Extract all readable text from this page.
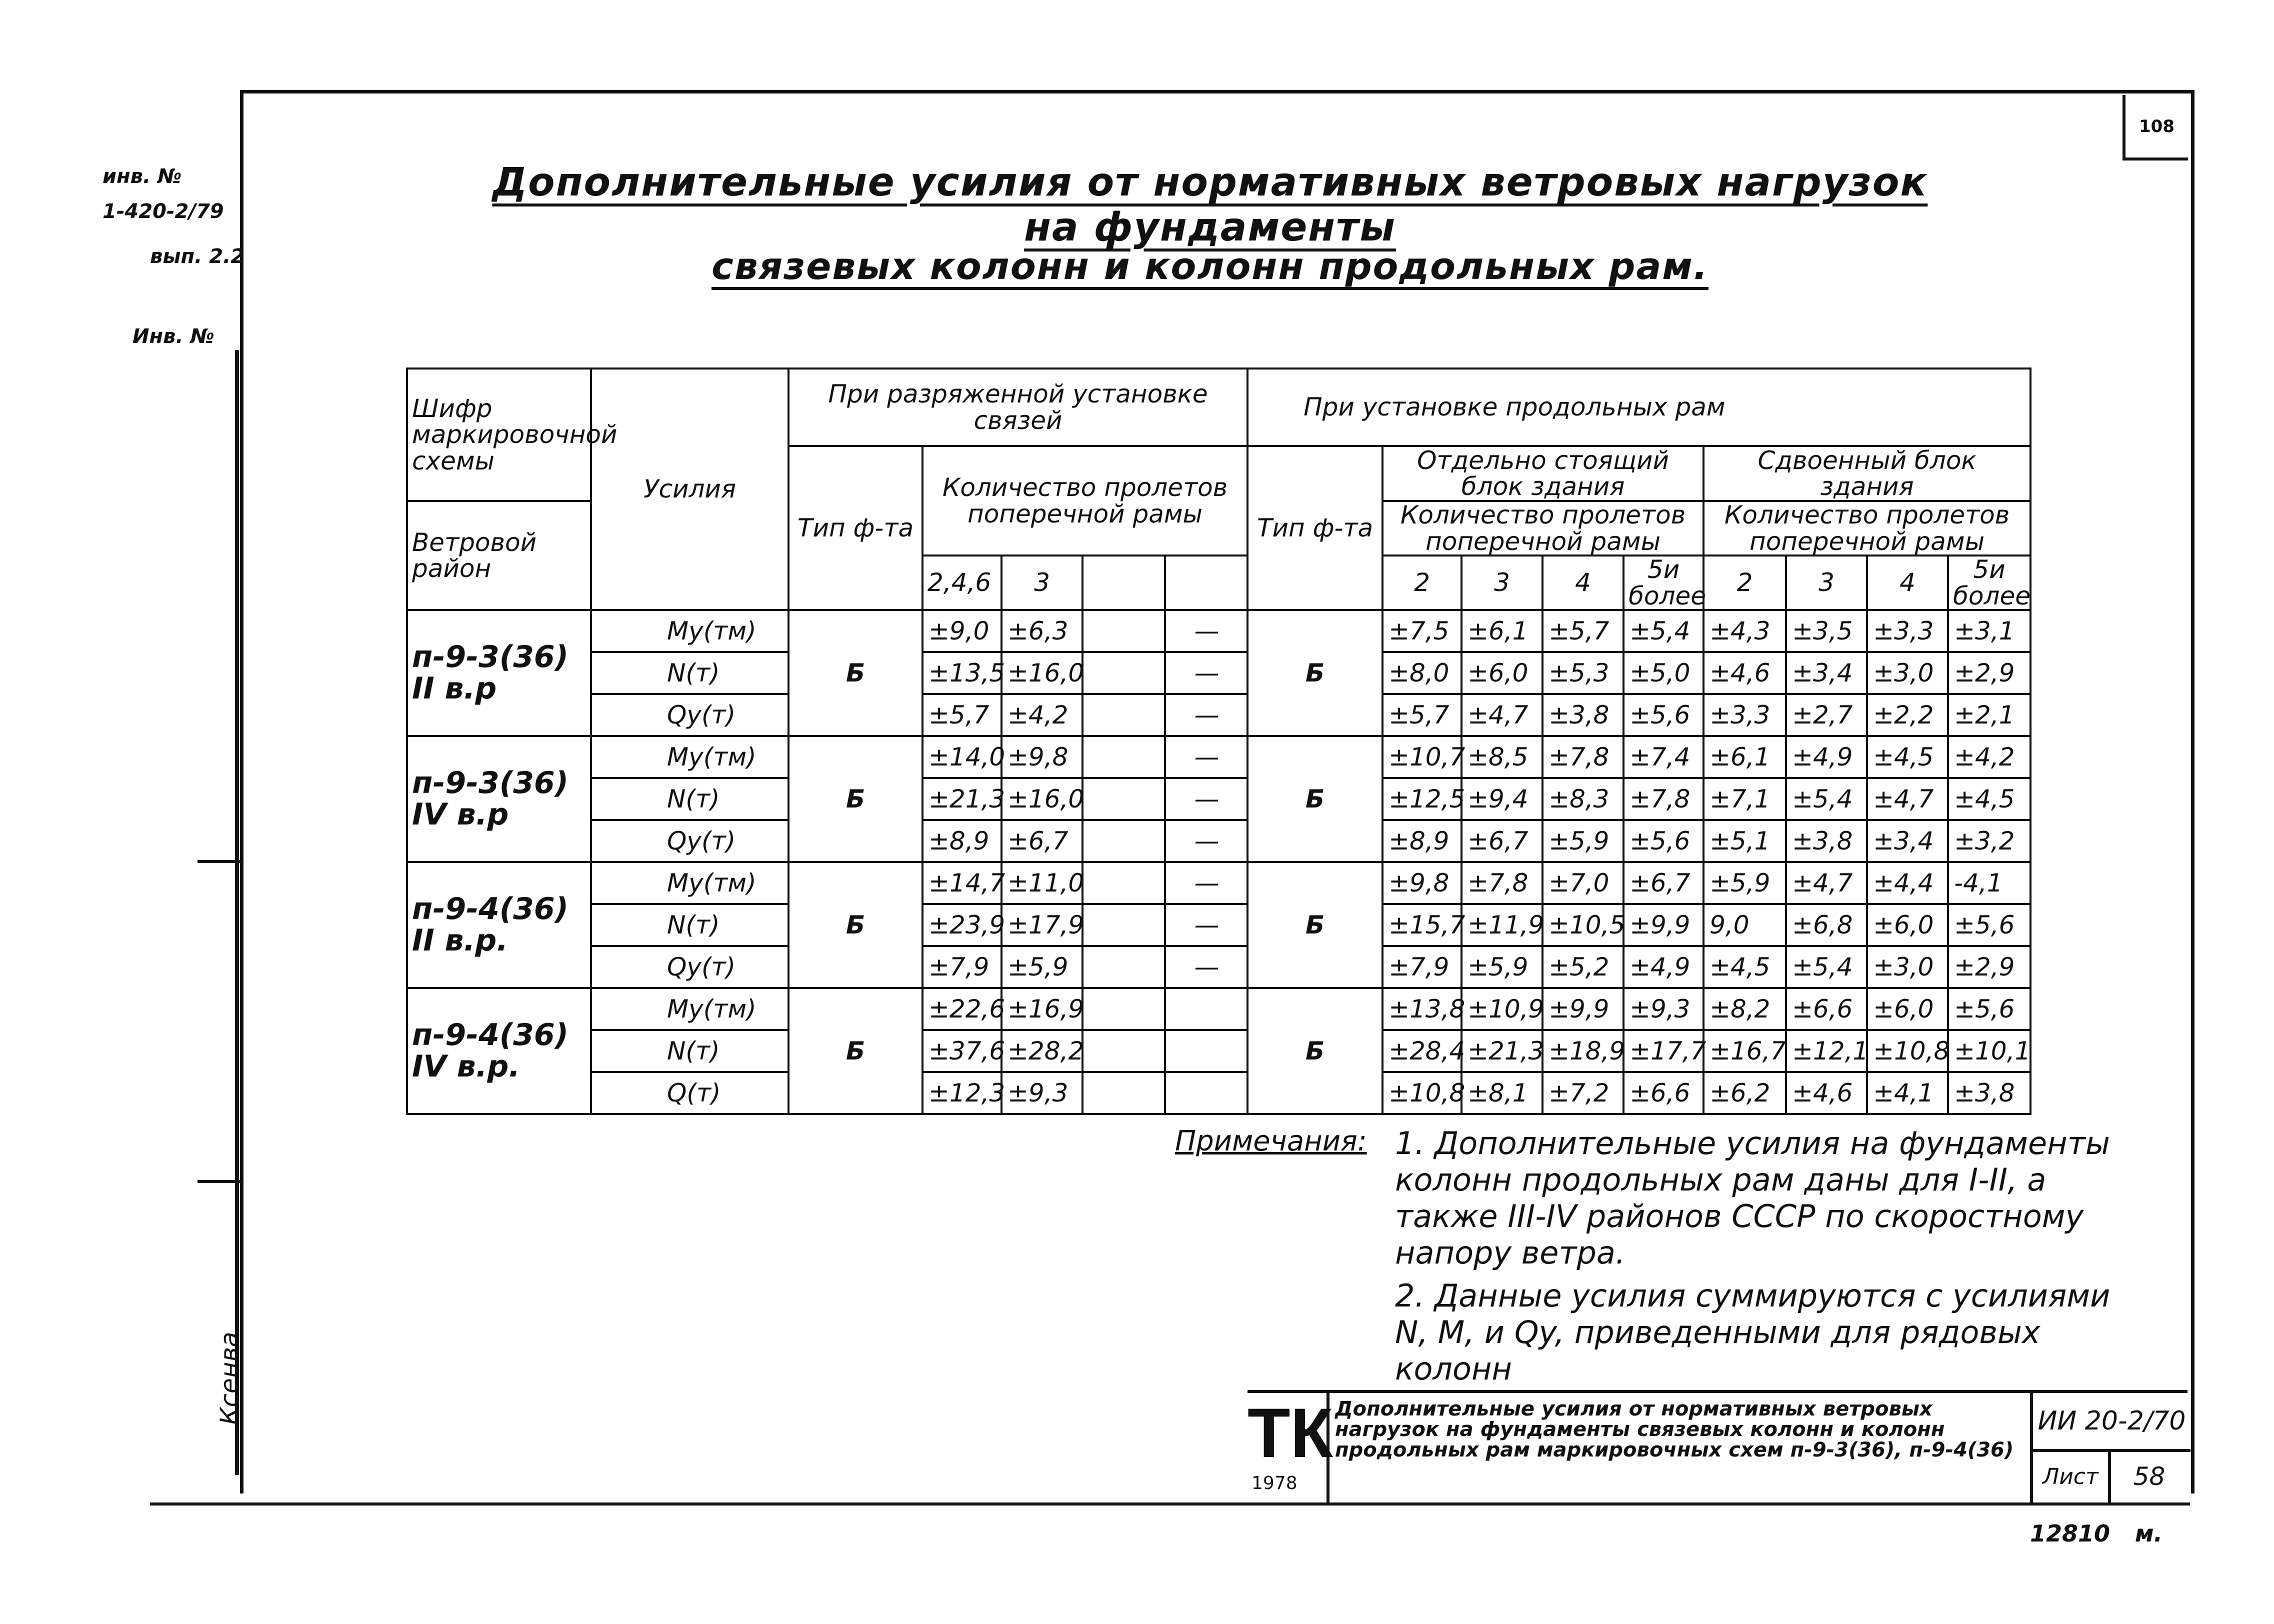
108
инв. №
1-420-2/79
вып. 2.2
Инв. №
Ксенва
Дополнительные усилия от нормативных ветровых нагрузок на фундаменты
связевых колонн и колонн продольных рам.
Шифр маркировочной схемы	Усилия	При разряженной установке связей					При установке продольных рам								
		Тип ф-та	Количество пролетов поперечной рамы				Тип ф-та	Отдельно стоящий блок здания				Сдвоенный блок здания			
Ветровой район								Количество пролетов поперечной рамы				Количество пролетов поперечной рамы			
			2,4,6	3				2	3	4	5и более	2	3	4	5и более

п-9-3(36)
II в.р	My(тм)	Б	±9,0	±6,3		—	Б	±7,5	±6,1	±5,7	±5,4	±4,3	±3,5	±3,3	±3,1
	N(т)		±13,5	±16,0		—		±8,0	±6,0	±5,3	±5,0	±4,6	±3,4	±3,0	±2,9
	Qy(т)		±5,7	±4,2		—		±5,7	±4,7	±3,8	±5,6	±3,3	±2,7	±2,2	±2,1

п-9-3(36)
IV в.р	My(тм)	Б	±14,0	±9,8		—	Б	±10,7	±8,5	±7,8	±7,4	±6,1	±4,9	±4,5	±4,2
	N(т)		±21,3	±16,0		—		±12,5	±9,4	±8,3	±7,8	±7,1	±5,4	±4,7	±4,5
	Qy(т)		±8,9	±6,7		—		±8,9	±6,7	±5,9	±5,6	±5,1	±3,8	±3,4	±3,2

п-9-4(36)
II в.р.	My(тм)	Б	±14,7	±11,0		—	Б	±9,8	±7,8	±7,0	±6,7	±5,9	±4,7	±4,4	-4,1
	N(т)		±23,9	±17,9		—		±15,7	±11,9	±10,5	±9,9	9,0	±6,8	±6,0	±5,6
	Qy(т)		±7,9	±5,9		—		±7,9	±5,9	±5,2	±4,9	±4,5	±5,4	±3,0	±2,9

п-9-4(36)
IV в.р.	My(тм)	Б	±22,6	±16,9			Б	±13,8	±10,9	±9,9	±9,3	±8,2	±6,6	±6,0	±5,6
	N(т)		±37,6	±28,2				±28,4	±21,3	±18,9	±17,7	±16,7	±12,1	±10,8	±10,1
	Q(т)		±12,3	±9,3				±10,8	±8,1	±7,2	±6,6	±6,2	±4,6	±4,1	±3,8
Примечания: 1. Дополнительные усилия на фундаменты колонн продольных рам даны для I-II, а также III-IV районов СССР по скоростному напору ветра.
2. Данные усилия суммируются с усилиями N, M, и Qy, приведенными для рядовых колонн
ТК
1978
Дополнительные усилия от нормативных ветровых нагрузок на фундаменты связевых колонн и колонн продольных рам маркировочных схем п-9-3(36), п-9-4(36)
ИИ 20-2/70
Лист	58
12810 м.
